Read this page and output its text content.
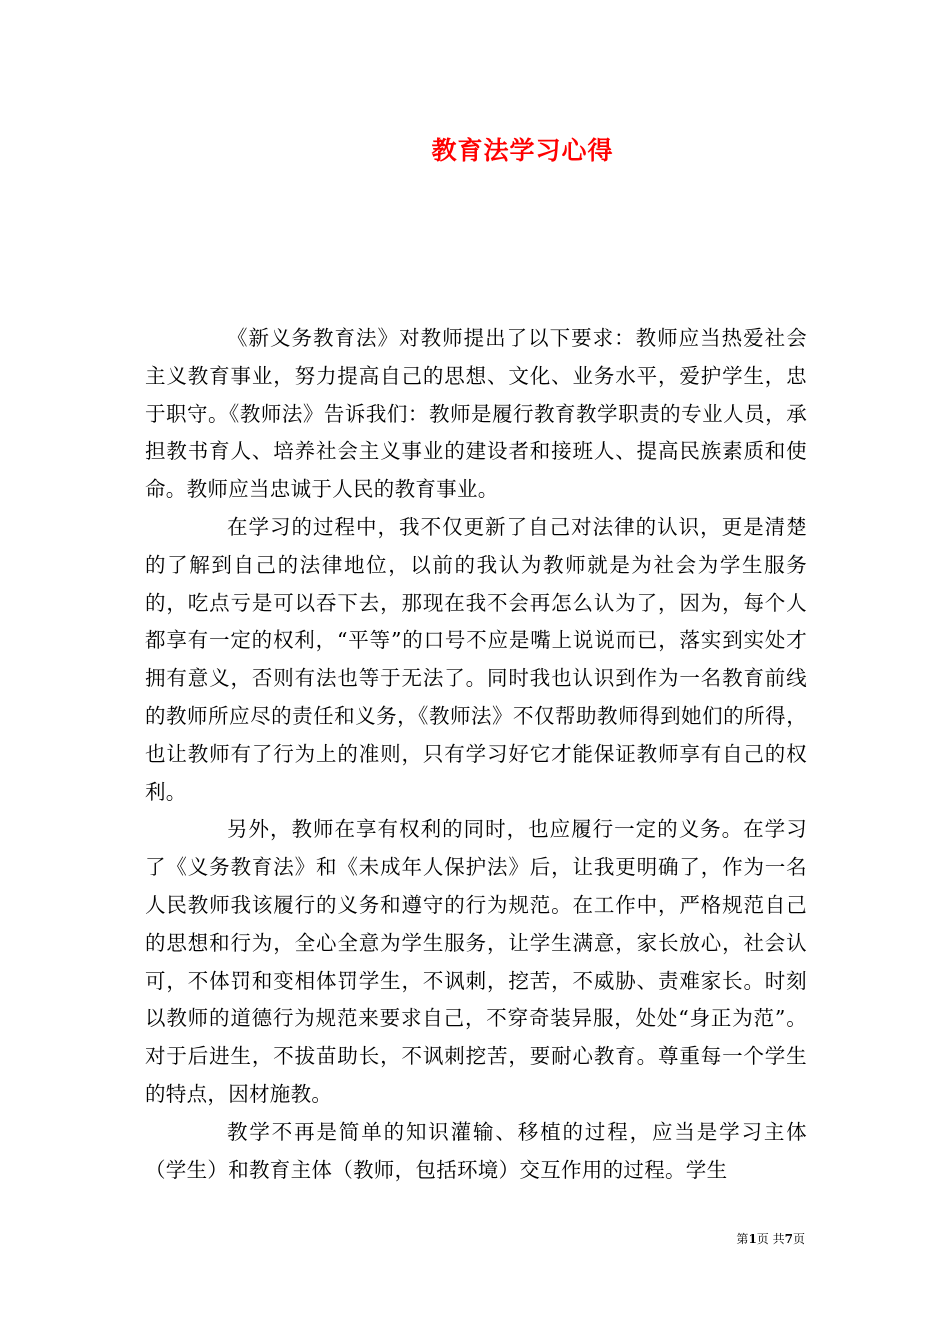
教育法学习心得

《新义务教育法》对教师提出了以下要求：教师应当热爱社会主义教育事业，努力提高自己的思想、文化、业务水平，爱护学生，忠于职守。《教师法》告诉我们：教师是履行教育教学职责的专业人员，承担教书育人、培养社会主义事业的建设者和接班人、提高民族素质和使命。教师应当忠诚于人民的教育事业。

在学习的过程中，我不仅更新了自己对法律的认识，更是清楚的了解到自己的法律地位，以前的我认为教师就是为社会为学生服务的，吃点亏是可以吞下去，那现在我不会再怎么认为了，因为，每个人都享有一定的权利，“平等”的口号不应是嘴上说说而已，落实到实处才拥有意义，否则有法也等于无法了。同时我也认识到作为一名教育前线的教师所应尽的责任和义务，《教师法》不仅帮助教师得到她们的所得，也让教师有了行为上的准则，只有学习好它才能保证教师享有自己的权利。

另外，教师在享有权利的同时，也应履行一定的义务。在学习了《义务教育法》和《未成年人保护法》后，让我更明确了，作为一名人民教师我该履行的义务和遵守的行为规范。在工作中，严格规范自己的思想和行为，全心全意为学生服务，让学生满意，家长放心，社会认可，不体罚和变相体罚学生，不讽刺，挖苦，不威胁、责难家长。时刻以教师的道德行为规范来要求自己，不穿奇装异服，处处“身正为范”。对于后进生，不拔苗助长，不讽刺挖苦，要耐心教育。尊重每一个学生的特点，因材施教。

教学不再是简单的知识灌输、移植的过程，应当是学习主体（学生）和教育主体（教师，包括环境）交互作用的过程。学生

第1页 共7页
